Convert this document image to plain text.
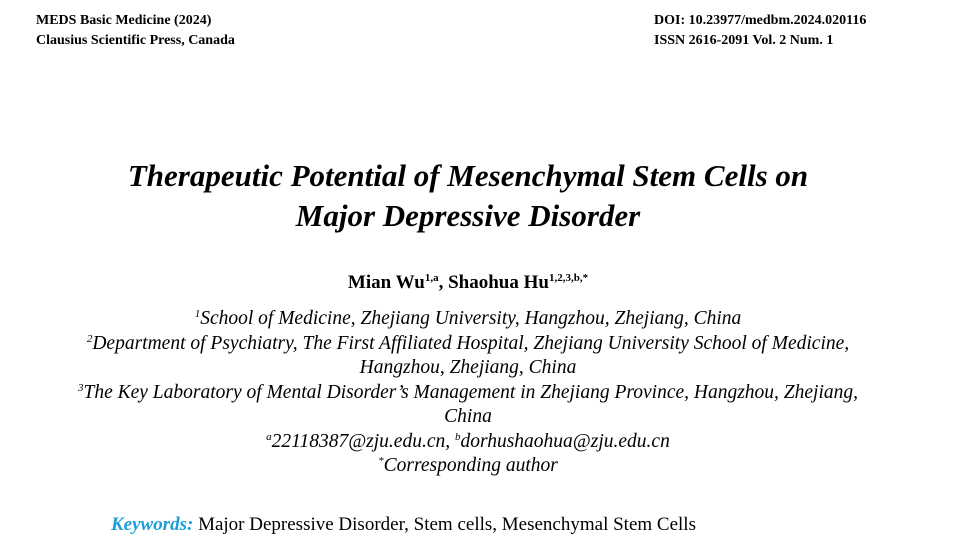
MEDS Basic Medicine (2024)
Clausius Scientific Press, Canada
DOI: 10.23977/medbm.2024.020116
ISSN 2616-2091 Vol. 2 Num. 1
Therapeutic Potential of Mesenchymal Stem Cells on
Major Depressive Disorder
Mian Wu$^{1,a}$, Shaohua $Hu^{1,2,3,b,*}$
$^1$School of Medicine, Zhejiang University, Hangzhou, Zhejiang, China
$^2$Department of Psychiatry, The First Affiliated Hospital, Zhejiang University School of Medicine,
Hangzhou, Zhejiang, China
$^3$The Key Laboratory of Mental Disorder’s Management in Zhejiang Province, Hangzhou, Zhejiang,
China
$^a$22118387@zju.edu.cn, $^b$dorhushaohua@zju.edu.cn
*Corresponding author
Keywords: Major Depressive Disorder, Stem cells, Mesenchymal Stem Cells
